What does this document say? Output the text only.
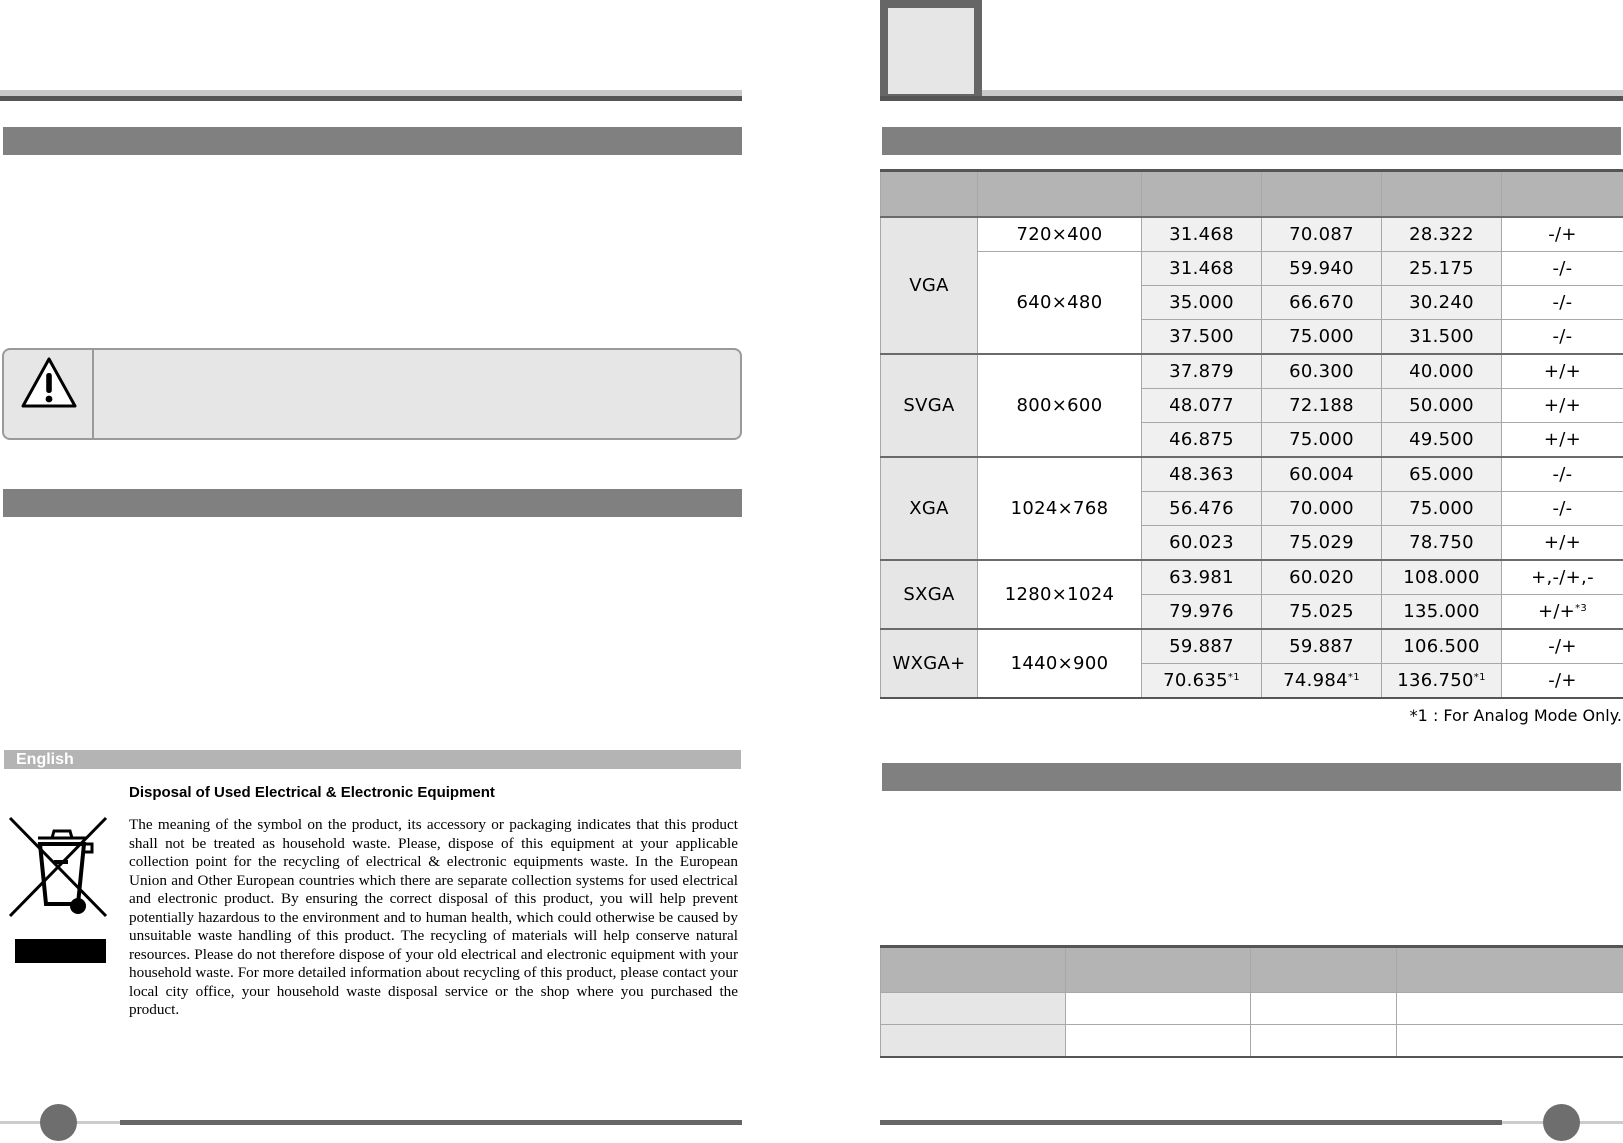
English
Disposal of Used Electrical & Electronic Equipment
The meaning of the symbol on the product, its accessory or packaging indicates that this product shall not be treated as household waste. Please, dispose of this equipment at your applicable collection point for the recycling of electrical & electronic equipments waste. In the European Union and Other European countries which there are separate collection systems for used electrical and electronic product. By ensuring the correct disposal of this product, you will help prevent potentially hazardous to the environment and to human health, which could otherwise be caused by unsuitable waste handling of this product. The recycling of materials will help conserve natural resources. Please do not therefore dispose of your old electrical and electronic equipment with your household waste. For more detailed information about recycling of this product, please contact your local city office, your household waste disposal service or the shop where you purchased the product.

VGA	720×400	31.468	70.087	28.322	-/+
	640×480	31.468	59.940	25.175	-/-
		35.000	66.670	30.240	-/-
		37.500	75.000	31.500	-/-
SVGA	800×600	37.879	60.300	40.000	+/+
		48.077	72.188	50.000	+/+
		46.875	75.000	49.500	+/+
XGA	1024×768	48.363	60.004	65.000	-/-
		56.476	70.000	75.000	-/-
		60.023	75.029	78.750	+/+
SXGA	1280×1024	63.981	60.020	108.000	+,-/+,-
		79.976	75.025	135.000	+/+$^{*3}$
WXGA+	1440×900	59.887	59.887	106.500	-/+
		70.635$^{*1}$	74.984$^{*1}$	136.750$^{*1}$	-/+
*1 : For Analog Mode Only.
